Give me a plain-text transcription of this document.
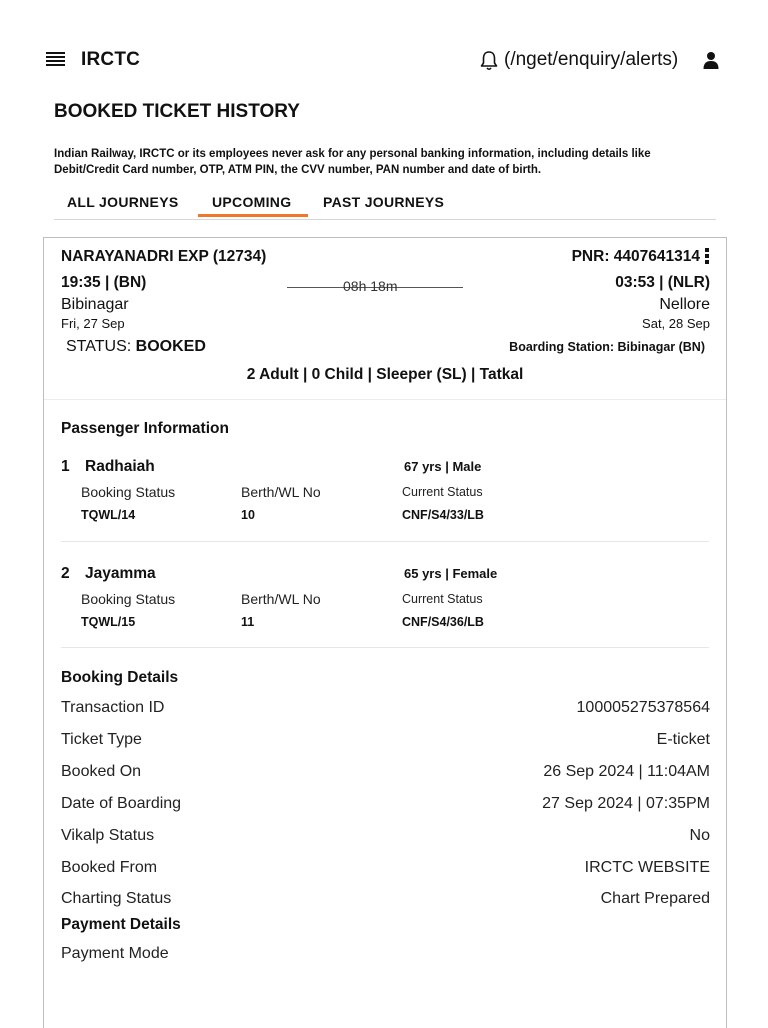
IRCTC	(/nget/enquiry/alerts)
BOOKED TICKET HISTORY
Indian Railway, IRCTC or its employees never ask for any personal banking information, including details like Debit/Credit Card number, OTP, ATM PIN, the CVV number, PAN number and date of birth.
ALL JOURNEYS UPCOMING PAST JOURNEYS
NARAYANADRI EXP (12734)	PNR: 4407641314
19:35 | (BN)	08h 18m	03:53 | (NLR)
Bibinagar	Nellore
Fri, 27 Sep	Sat, 28 Sep
STATUS: BOOKED	Boarding Station: Bibinagar (BN)
2 Adult | 0 Child | Sleeper (SL) | Tatkal
Passenger Information
1 Radhaiah	67 yrs | Male
Booking Status	Berth/WL No	Current Status
TQWL/14	10	CNF/S4/33/LB
2 Jayamma	65 yrs | Female
Booking Status	Berth/WL No	Current Status
TQWL/15	11	CNF/S4/36/LB
Booking Details
Transaction ID	100005275378564
Ticket Type	E-ticket
Booked On	26 Sep 2024 | 11:04AM
Date of Boarding	27 Sep 2024 | 07:35PM
Vikalp Status	No
Booked From	IRCTC WEBSITE
Charting Status	Chart Prepared
Payment Details
Payment Mode
